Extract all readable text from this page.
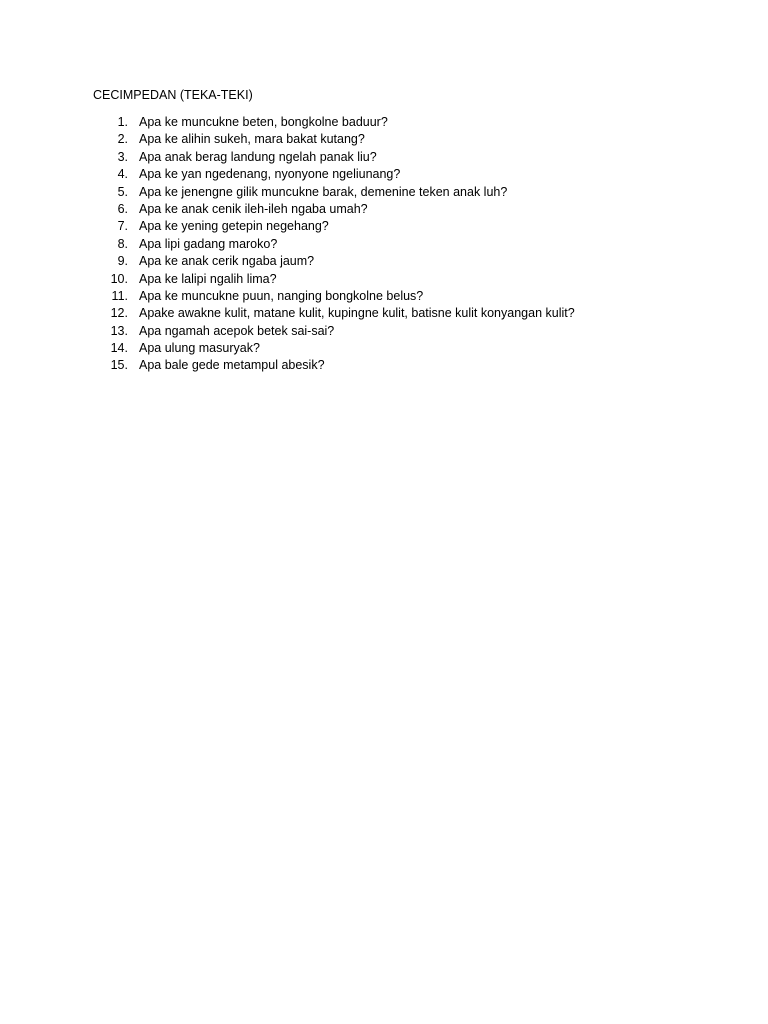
CECIMPEDAN (TEKA-TEKI)
1. Apa ke muncukne beten, bongkolne baduur?
2. Apa ke alihin sukeh, mara bakat kutang?
3. Apa anak berag landung ngelah panak liu?
4. Apa ke yan ngedenang, nyonyone ngeliunang?
5. Apa ke jenengne gilik muncukne barak, demenine teken anak luh?
6. Apa ke anak cenik ileh-ileh ngaba umah?
7. Apa ke yening getepin negehang?
8. Apa lipi gadang maroko?
9. Apa ke anak cerik ngaba jaum?
10. Apa ke lalipi ngalih lima?
11. Apa ke muncukne puun, nanging bongkolne belus?
12. Apake awakne kulit, matane kulit, kupingne kulit, batisne kulit konyangan kulit?
13. Apa ngamah acepok betek sai-sai?
14. Apa ulung masuryak?
15. Apa bale gede metampul abesik?
